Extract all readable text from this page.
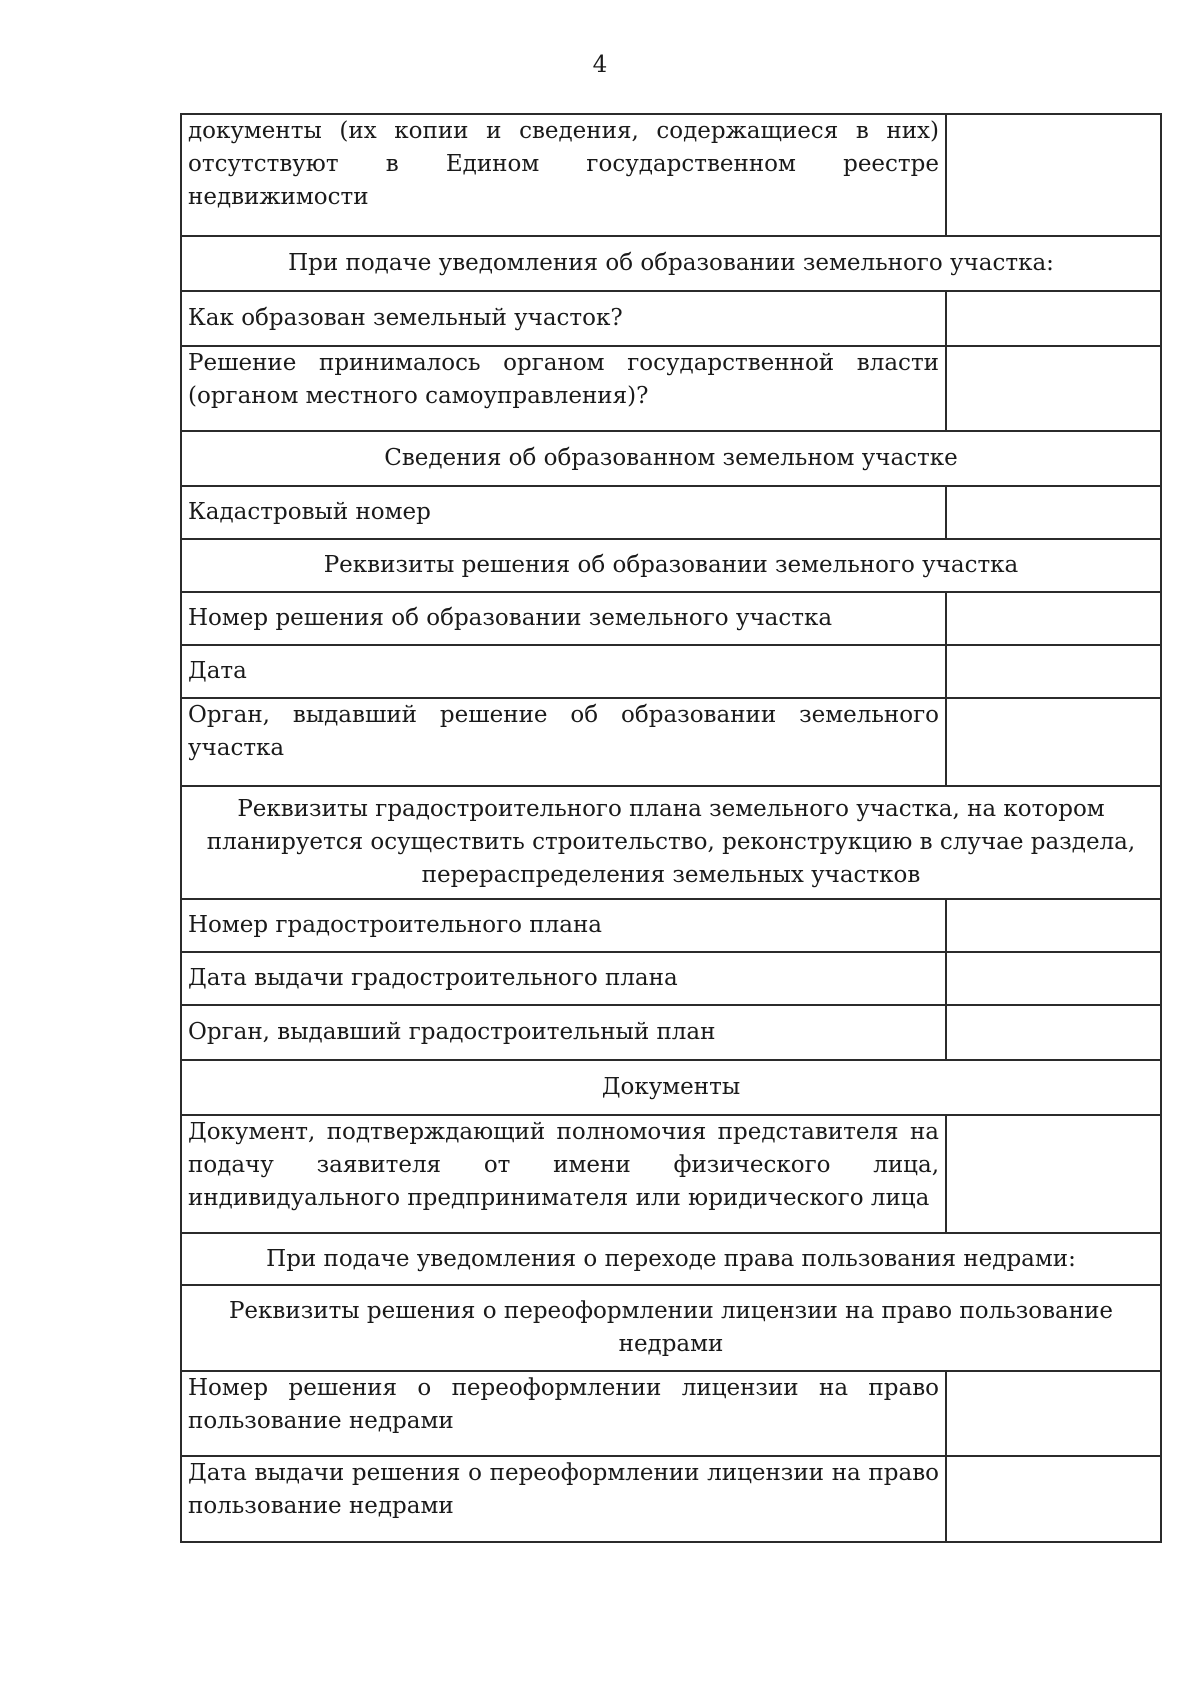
4
документы (их копии и сведения, содержащиеся в них) отсутствуют в Едином государственном реестре недвижимости	
При подаче уведомления об образовании земельного участка:	
Как образован земельный участок?	
Решение принималось органом государственной власти (органом местного самоуправления)?	
Сведения об образованном земельном участке	
Кадастровый номер	
Реквизиты решения об образовании земельного участка	
Номер решения об образовании земельного участка	
Дата	
Орган, выдавший решение об образовании земельного участка	
Реквизиты градостроительного плана земельного участка, на котором планируется осуществить строительство, реконструкцию в случае раздела, перераспределения земельных участков	
Номер градостроительного плана	
Дата выдачи градостроительного плана	
Орган, выдавший градостроительный план	
Документы	
Документ, подтверждающий полномочия представителя на подачу заявителя от имени физического лица, индивидуального предпринимателя или юридического лица	
При подаче уведомления о переходе права пользования недрами:	
Реквизиты решения о переоформлении лицензии на право пользование недрами	
Номер решения о переоформлении лицензии на право пользование недрами	
Дата выдачи решения о переоформлении лицензии на право пользование недрами	
